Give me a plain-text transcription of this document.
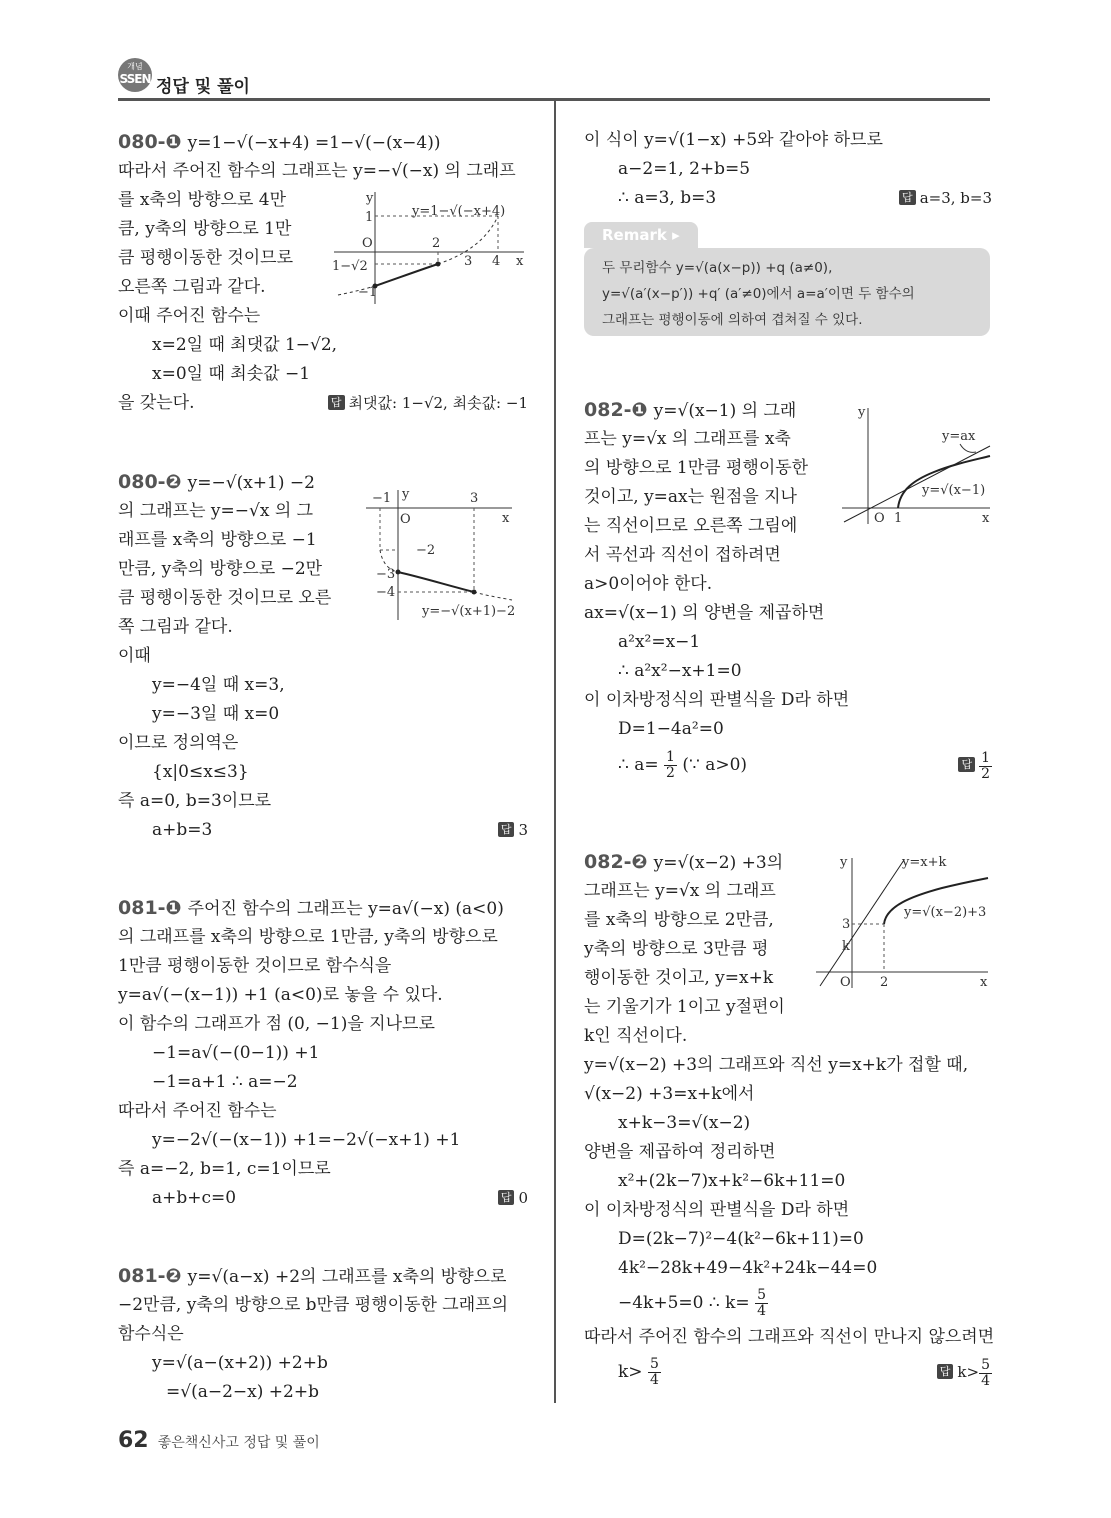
개념
SSEN 정답 및 풀이
080-❶ y=1−√(−x+4) =1−√(−(x−4))
따라서 주어진 함수의 그래프는 y=−√(−x) 의 그래프
를 x축의 방향으로 4만
큼, y축의 방향으로 1만
큼 평행이동한 것이므로
오른쪽 그림과 같다.
이때 주어진 함수는
x=2일 때 최댓값 1−√2,
x=0일 때 최솟값 −1
을 갖는다.	답 최댓값: 1−√2, 최솟값: −1
y
x
O
1
2
3 4
−1
1−√2
y=1−√(−x+4)
080-❷ y=−√(x+1) −2
의 그래프는 y=−√x 의 그
래프를 x축의 방향으로 −1
만큼, y축의 방향으로 −2만
큼 평행이동한 것이므로 오른
쪽 그림과 같다.
이때
y=−4일 때 x=3,
y=−3일 때 x=0
이므로 정의역은
{x|0≤x≤3}
즉 a=0, b=3이므로
a+b=3	답 3
y
x
O
−1	3
−2
−3
−4
y=−√(x+1)−2
081-❶ 주어진 함수의 그래프는 y=a√(−x) (a<0)
의 그래프를 x축의 방향으로 1만큼, y축의 방향으로
1만큼 평행이동한 것이므로 함수식을
y=a√(−(x−1)) +1 (a<0)로 놓을 수 있다.
이 함수의 그래프가 점 (0, −1)을 지나므로
−1=a√(−(0−1)) +1
−1=a+1 ∴ a=−2
따라서 주어진 함수는
y=−2√(−(x−1)) +1=−2√(−x+1) +1
즉 a=−2, b=1, c=1이므로
a+b+c=0	답 0
081-❷ y=√(a−x) +2의 그래프를 x축의 방향으로
−2만큼, y축의 방향으로 b만큼 평행이동한 그래프의
함수식은
y=√(a−(x+2)) +2+b
=√(a−2−x) +2+b
이 식이 y=√(1−x) +5와 같아야 하므로
a−2=1, 2+b=5
∴ a=3, b=3	답 a=3, b=3
Remark ▸
두 무리함수 y=√(a(x−p)) +q (a≠0),
y=√(a′(x−p′)) +q′ (a′≠0)에서 a=a′이면 두 함수의
그래프는 평행이동에 의하여 겹쳐질 수 있다.
082-❶ y=√(x−1) 의 그래
프는 y=√x 의 그래프를 x축
의 방향으로 1만큼 평행이동한
것이고, y=ax는 원점을 지나
는 직선이므로 오른쪽 그림에
서 곡선과 직선이 접하려면
a>0이어야 한다.
ax=√(x−1) 의 양변을 제곱하면
a²x²=x−1
∴ a²x²−x+1=0
이 이차방정식의 판별식을 D라 하면
D=1−4a²=0
∴ $a= \frac{1}{2}$ (∵ a>0)	답 $\frac{1}{2}$
y
x
O 1
y=ax
y=√(x−1)
082-❷ y=√(x−2) +3의
그래프는 y=√x 의 그래프
를 x축의 방향으로 2만큼,
y축의 방향으로 3만큼 평
행이동한 것이고, y=x+k
는 기울기가 1이고 y절편이
k인 직선이다.
y=√(x−2) +3의 그래프와 직선 y=x+k가 접할 때,
√(x−2) +3=x+k에서
x+k−3=√(x−2)
양변을 제곱하여 정리하면
x²+(2k−7)x+k²−6k+11=0
이 이차방정식의 판별식을 D라 하면
D=(2k−7)²−4(k²−6k+11)=0
4k²−28k+49−4k²+24k−44=0
−4k+5=0 ∴ $k= \frac{5}{4}$
따라서 주어진 함수의 그래프와 직선이 만나지 않으려면
$k> \frac{5}{4}$	답 $k> \frac{5}{4}$
y
x
O 2
3
k
y=x+k
y=√(x−2)+3
62 좋은책신사고 정답 및 풀이
